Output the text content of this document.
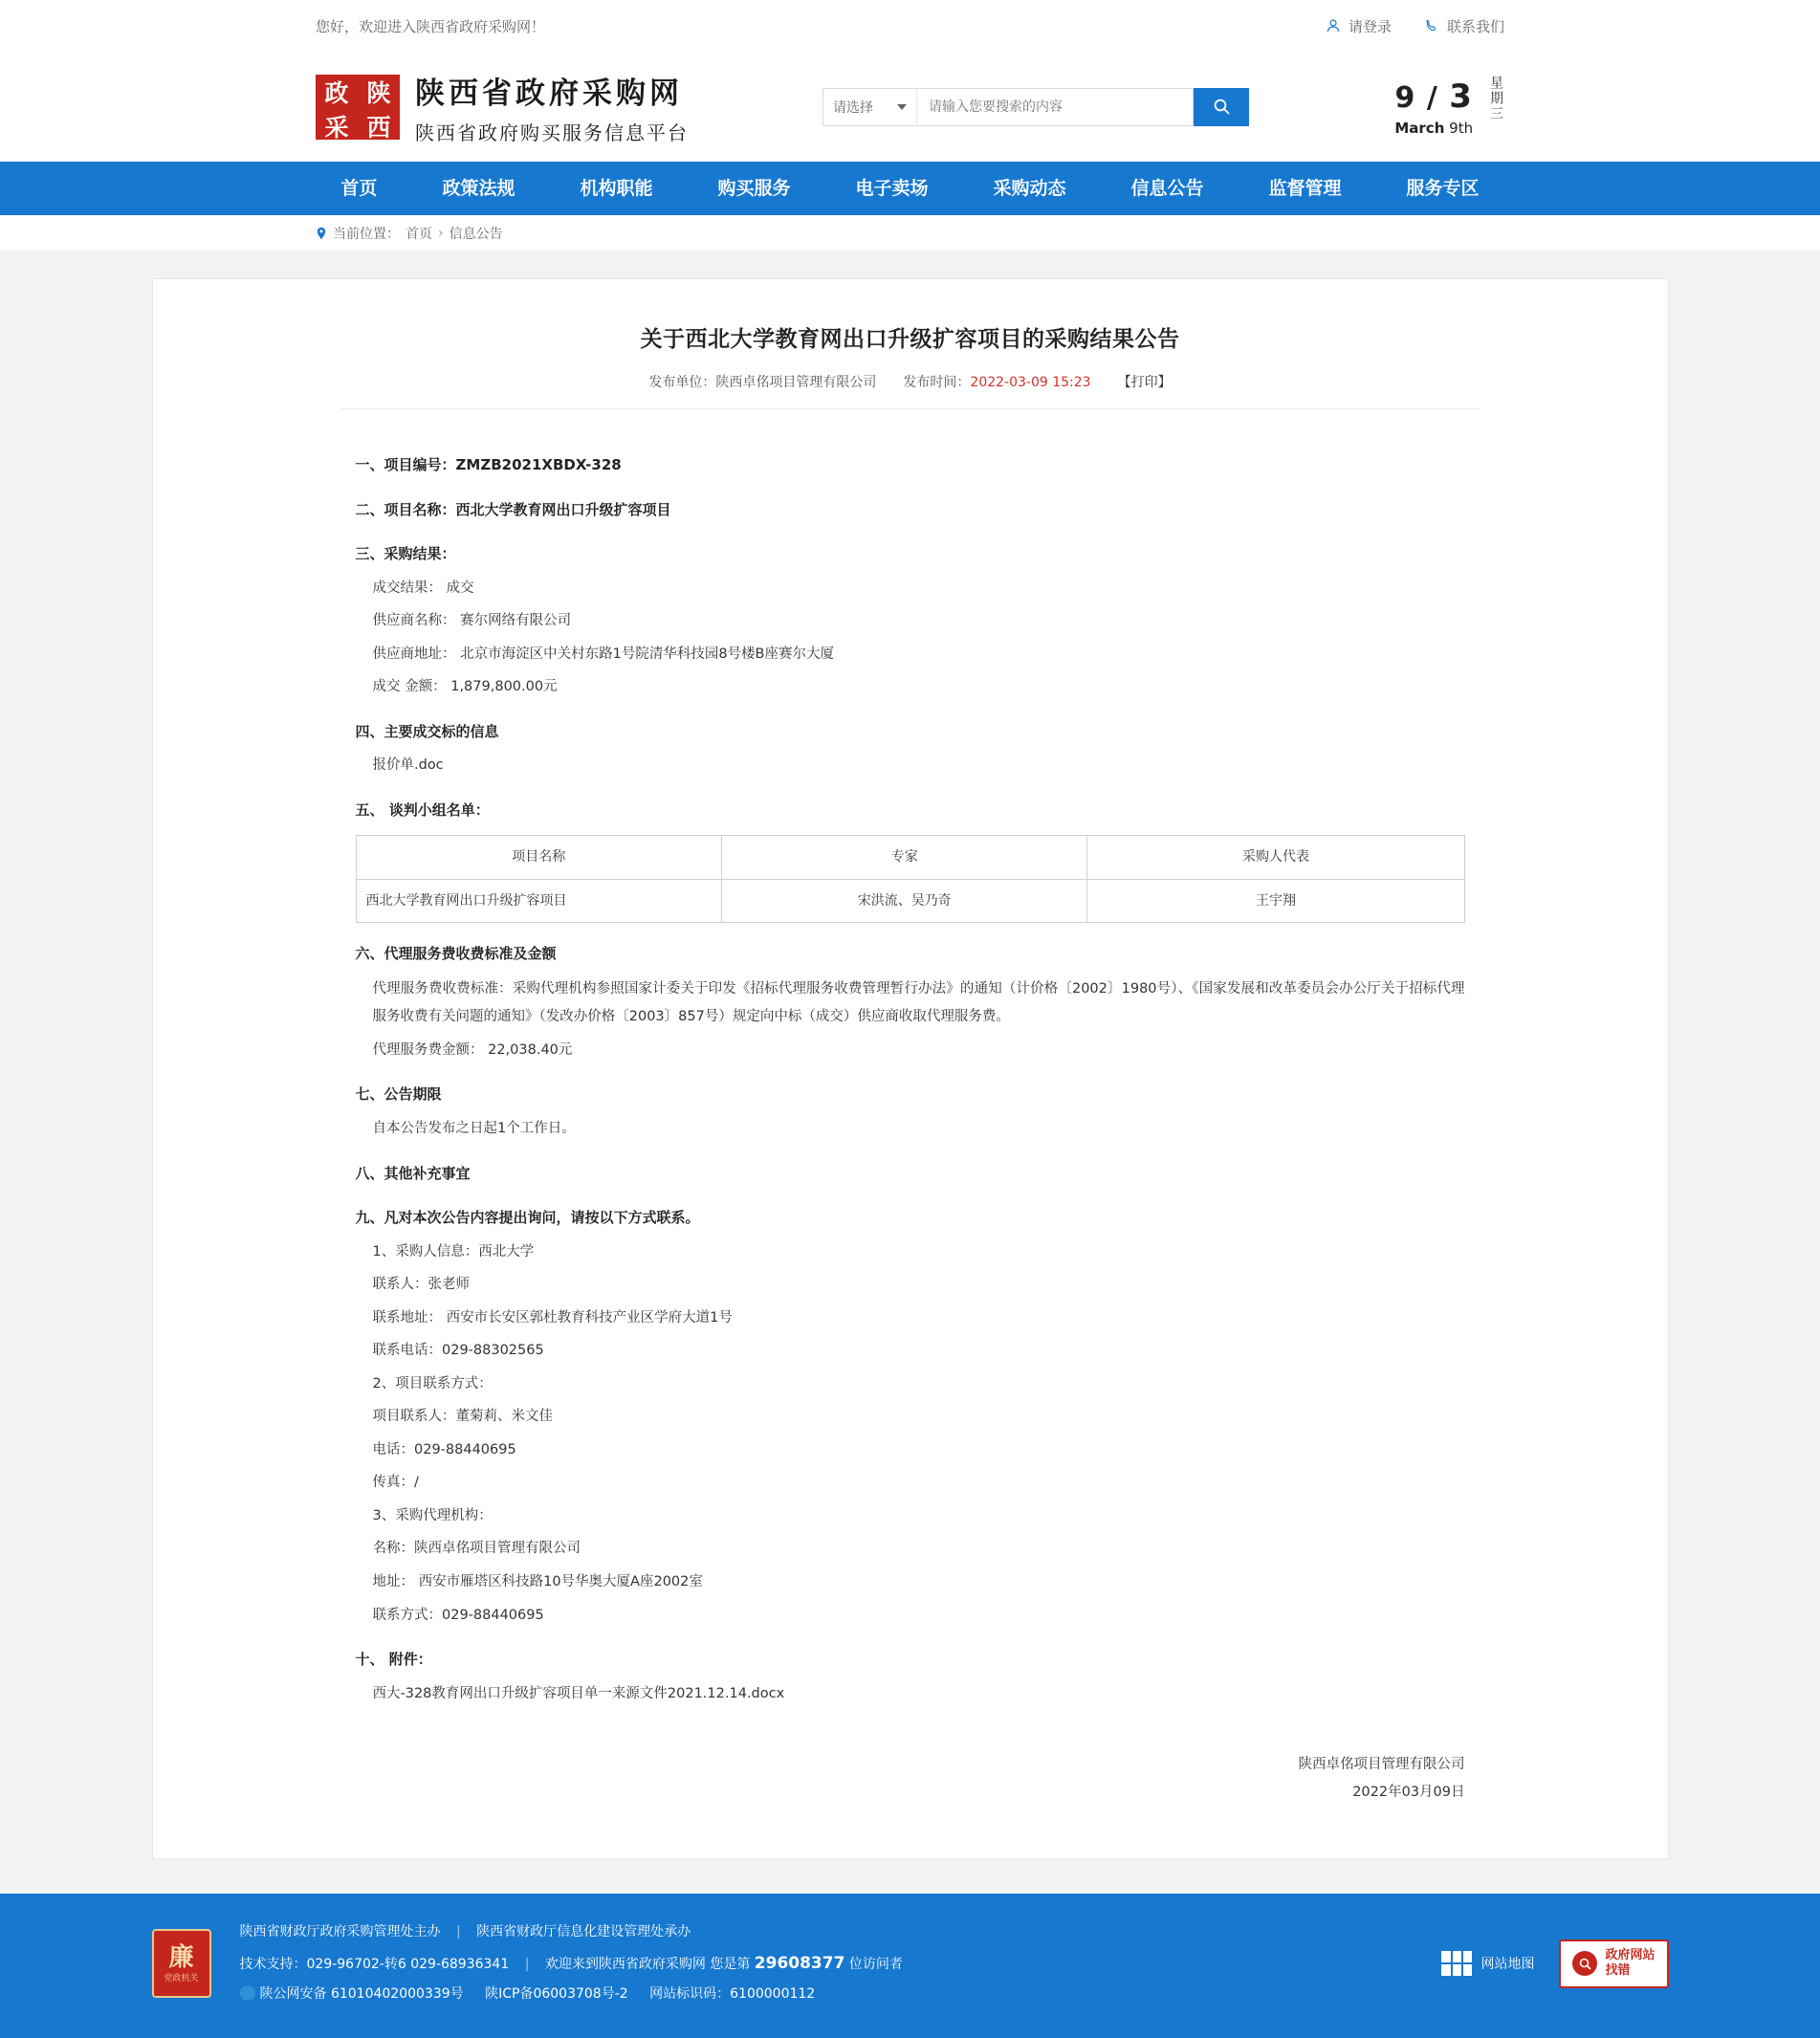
您好，欢迎进入陕西省政府采购网！	请登录	联系我们
政 陕
采 西
陕西省政府采购网
陕西省政府购买服务信息平台
请选择
请输入您要搜索的内容	9 / 3
March 9th
星期三
首页	政策法规	机构职能	购买服务	电子卖场	采购动态	信息公告	监督管理	服务专区
当前位置： 首页 › 信息公告
关于西北大学教育网出口升级扩容项目的采购结果公告
发布单位：陕西卓佲项目管理有限公司 发布时间：2022-03-09 15:23 【打印】
一、项目编号：ZMZB2021XBDX-328
二、项目名称：西北大学教育网出口升级扩容项目
三、采购结果：
成交结果： 成交
供应商名称： 赛尔网络有限公司
供应商地址： 北京市海淀区中关村东路1号院清华科技园8号楼B座赛尔大厦
成交 金额： 1,879,800.00元
四、主要成交标的信息
报价单.doc
五、 谈判小组名单：
项目名称	专家	采购人代表
西北大学教育网出口升级扩容项目	宋洪流、吴乃奇	王宇翔
六、代理服务费收费标准及金额
代理服务费收费标准：采购代理机构参照国家计委关于印发《招标代理服务收费管理暂行办法》的通知（计价格〔2002〕1980号）、《国家发展和改革委员会办公厅关于招标代理服务收费有关问题的通知》（发改办价格〔2003〕857号）规定向中标（成交）供应商收取代理服务费。
代理服务费金额： 22,038.40元
七、公告期限
自本公告发布之日起1个工作日。
八、其他补充事宜
九、凡对本次公告内容提出询问，请按以下方式联系。
1、采购人信息：西北大学
联系人：张老师
联系地址： 西安市长安区郭杜教育科技产业区学府大道1号
联系电话：029-88302565
2、项目联系方式：
项目联系人：董菊莉、米文佳
电话：029-88440695
传真：/
3、采购代理机构：
名称：陕西卓佲项目管理有限公司
地址： 西安市雁塔区科技路10号华奥大厦A座2002室
联系方式：029-88440695
十、 附件：
西大-328教育网出口升级扩容项目单一来源文件2021.12.14.docx
陕西卓佲项目管理有限公司
2022年03月09日
廉
党政机关
陕西省财政厅政府采购管理处主办 | 陕西省财政厅信息化建设管理处承办
技术支持：029-96702-转6 029-68936341 | 欢迎来到陕西省政府采购网 您是第 29608377 位访问者
陕公网安备 61010402000339号 陕ICP备06003708号-2 网站标识码：6100000112
网站地图
政府网站
找错
